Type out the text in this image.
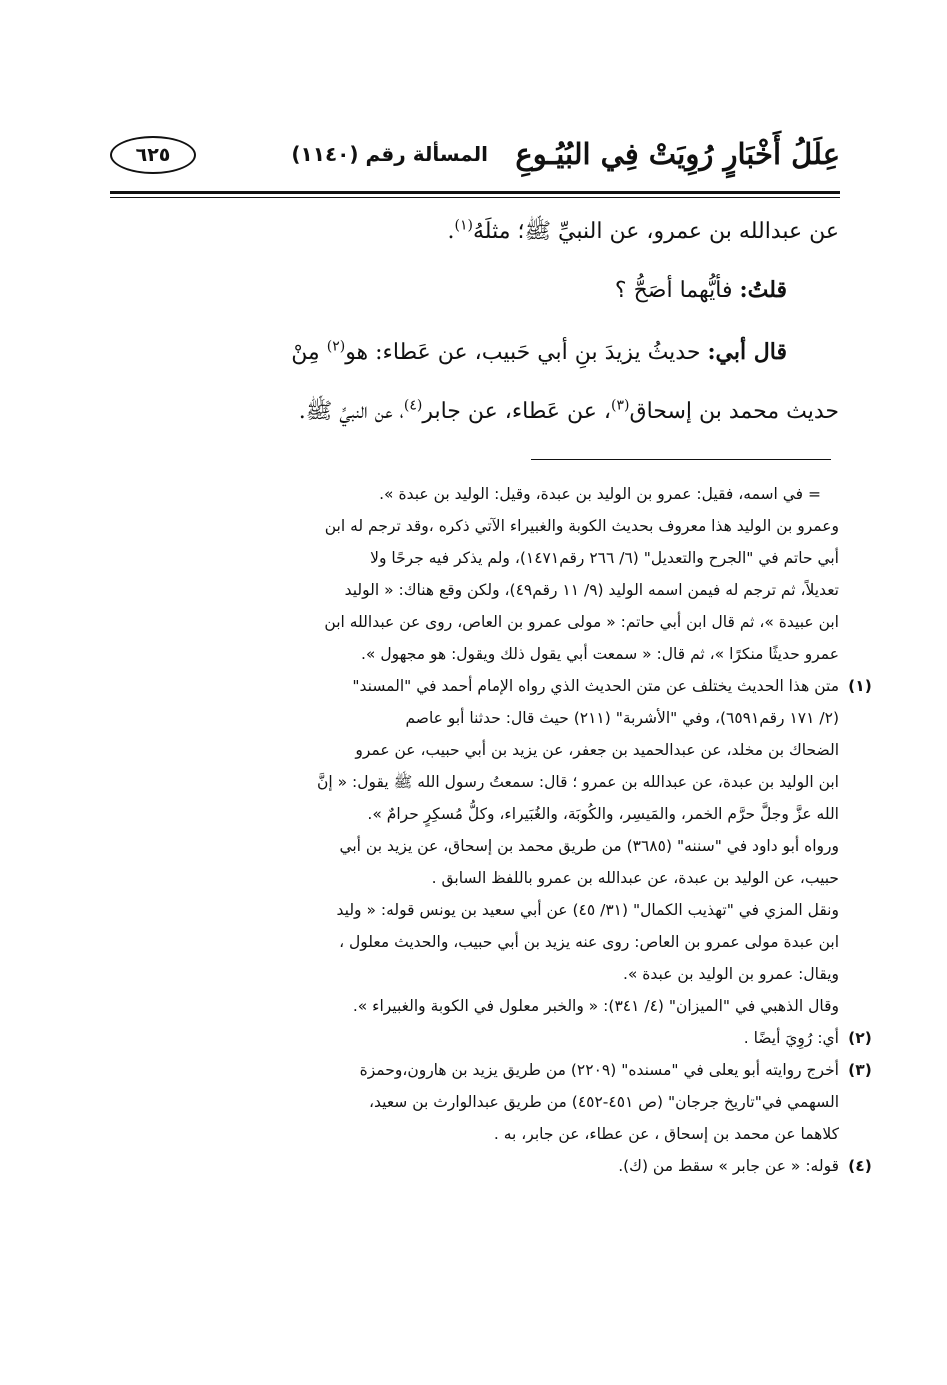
عِلَلُ أَخْبَارٍ رُوِيَتْ فِي البُيُـوعِ
المسألة رقم (١١٤٠)
٦٢٥
عن عبدالله بن عمرو، عن النبيِّ ﷺ؛ مثلَهُ$^{(١)}$.
قلتُ: فأيُّهما أصَحُّ ؟
قال أبي: حديثُ يزيدَ بنِ أبي حَبيب، عن عَطاء: هو$^{(٢)}$ مِنْ
حديث محمد بن إسحاق$^{(٣)}$، عن عَطاء، عن جابر$^{(٤)}$، عن النبيِّ ﷺ.
= في اسمه، فقيل: عمرو بن الوليد بن عبدة، وقيل: الوليد بن عبدة ».
وعمرو بن الوليد هذا معروف بحديث الكوبة والغبيراء الآتي ذكره ،وقد ترجم له ابن
أبي حاتم في "الجرح والتعديل" (٦/ ٢٦٦ رقم١٤٧١)، ولم يذكر فيه جرحًا ولا
تعديلاً، ثم ترجم له فيمن اسمه الوليد (٩/ ١١ رقم٤٩)، ولكن وقع هناك: « الوليد
ابن عبيدة »، ثم قال ابن أبي حاتم: « مولى عمرو بن العاص، روى عن عبدالله ابن
عمرو حديثًا منكرًا »، ثم قال: « سمعت أبي يقول ذلك ويقول: هو مجهول ».
(١)
متن هذا الحديث يختلف عن متن الحديث الذي رواه الإمام أحمد في "المسند"
(٢/ ١٧١ رقم٦٥٩١)، وفي "الأشربة" (٢١١) حيث قال: حدثنا أبو عاصم
الضحاك بن مخلد، عن عبدالحميد بن جعفر، عن يزيد بن أبي حبيب، عن عمرو
ابن الوليد بن عبدة، عن عبدالله بن عمرو ؛ قال: سمعتُ رسول الله ﷺ يقول: « إنَّ
الله عزَّ وجلَّ حرَّم الخمر، والمَيسِر، والكُوبَة، والغُبَيراء، وكلُّ مُسكِرٍ حرامٌ ».
ورواه أبو داود في "سننه" (٣٦٨٥) من طريق محمد بن إسحاق، عن يزيد بن أبي
حبيب، عن الوليد بن عبدة، عن عبدالله بن عمرو باللفظ السابق .
ونقل المزي في "تهذيب الكمال" (٣١/ ٤٥) عن أبي سعيد بن يونس قوله: « وليد
ابن عبدة مولى عمرو بن العاص: روى عنه يزيد بن أبي حبيب، والحديث معلول ،
ويقال: عمرو بن الوليد بن عبدة ».
وقال الذهبي في "الميزان" (٤/ ٣٤١): « والخبر معلول في الكوبة والغبيراء ».
(٢)
أي: رُوِيَ أيضًا .
(٣)
أخرج روايته أبو يعلى في "مسنده" (٢٢٠٩) من طريق يزيد بن هارون،وحمزة
السهمي في"تاريخ جرجان" (ص ٤٥١-٤٥٢) من طريق عبدالوارث بن سعيد،
كلاهما عن محمد بن إسحاق ، عن عطاء، عن جابر، به .
(٤)
قوله: « عن جابر » سقط من (ك).
